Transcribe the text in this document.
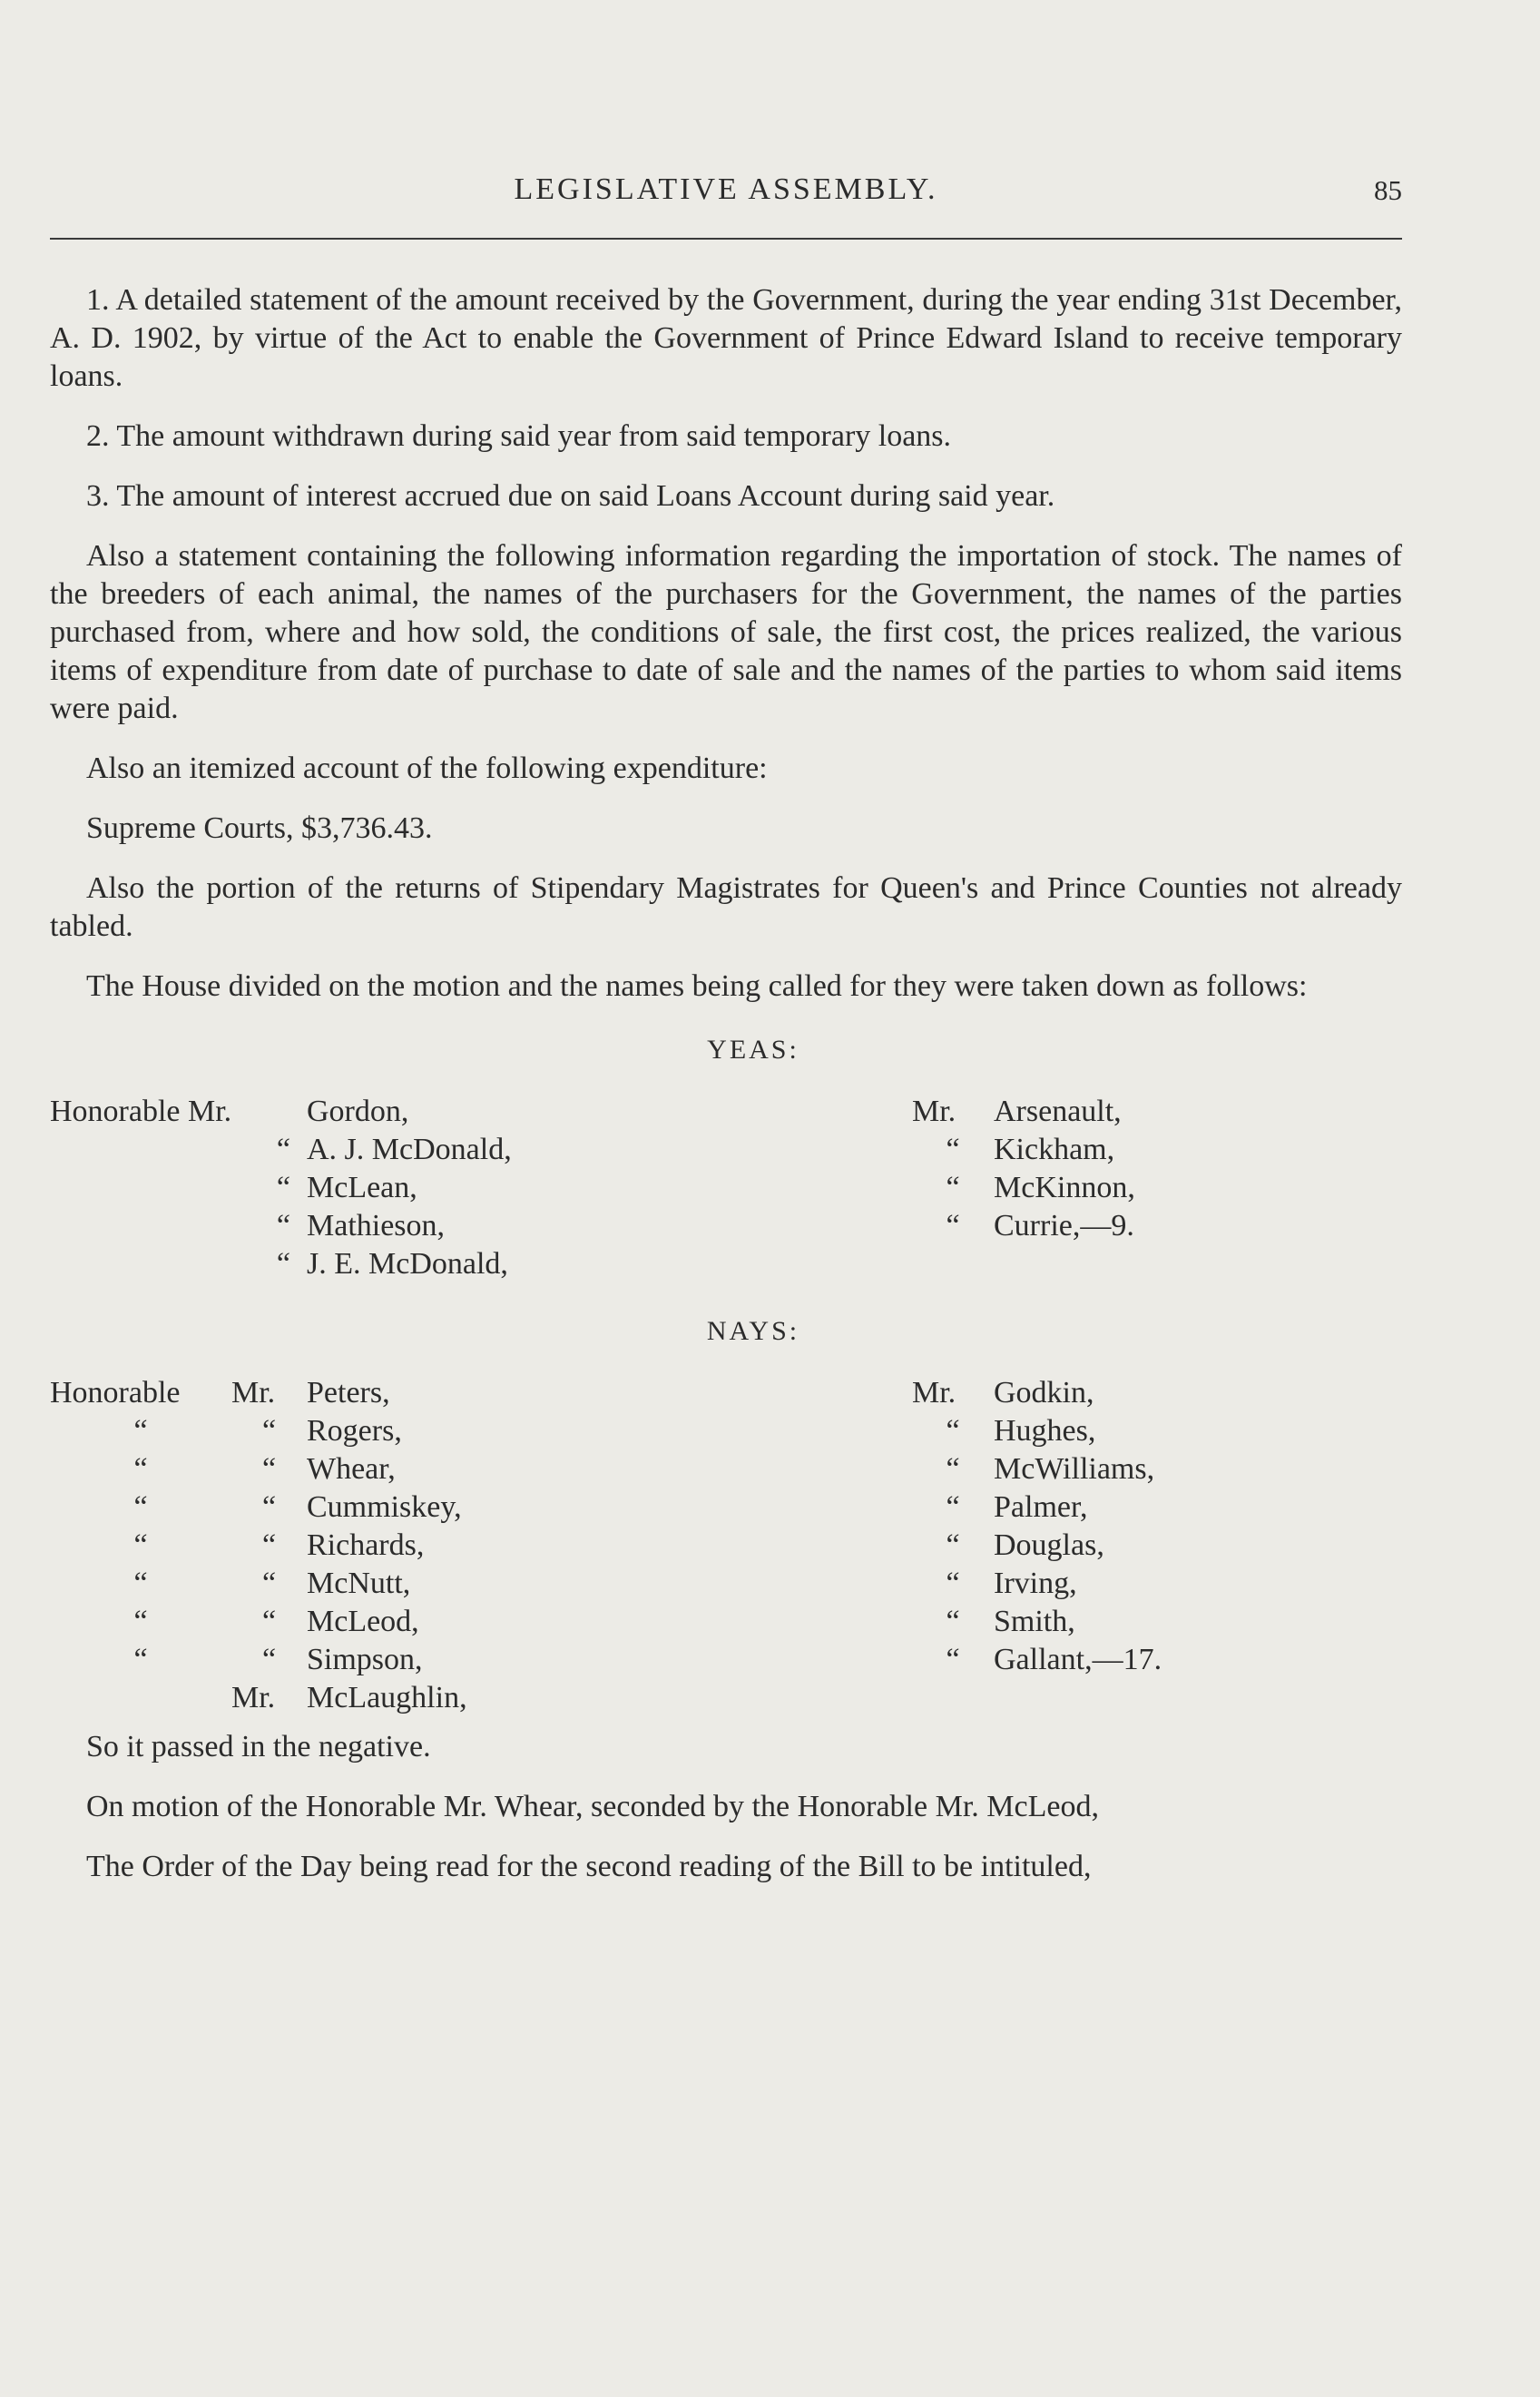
LEGISLATIVE ASSEMBLY.	85

1. A detailed statement of the amount received by the Government, during the year ending 31st December, A. D. 1902, by virtue of the Act to enable the Government of Prince Edward Island to receive temporary loans.

2. The amount withdrawn during said year from said temporary loans.

3. The amount of interest accrued due on said Loans Account during said year.

Also a statement containing the following information regarding the importation of stock. The names of the breeders of each animal, the names of the purchasers for the Government, the names of the parties purchased from, where and how sold, the conditions of sale, the first cost, the prices realized, the various items of expenditure from date of purchase to date of sale and the names of the parties to whom said items were paid.

Also an itemized account of the following expenditure:

Supreme Courts, $3,736.43.

Also the portion of the returns of Stipendary Magistrates for Queen's and Prince Counties not already tabled.

The House divided on the motion and the names being called for they were taken down as follows:

YEAS:
Honorable Mr. Gordon,
“ A. J. McDonald,
“ McLean,
“ Mathieson,
“ J. E. McDonald,
Mr. Arsenault,
“ Kickham,
“ McKinnon,
“ Currie,—9.
NAYS:
Honorable Mr. Peters,
“	“ Rogers,
“	“ Whear,
“	“ Cummiskey,
“	“ Richards,
“	“ McNutt,
“	“ McLeod,
“	“ Simpson,
Mr. McLaughlin,
Mr. Godkin,
“ Hughes,
“ McWilliams,
“ Palmer,
“ Douglas,
“ Irving,
“ Smith,
“ Gallant,—17.

So it passed in the negative.

On motion of the Honorable Mr. Whear, seconded by the Honorable Mr. McLeod,

The Order of the Day being read for the second reading of the Bill to be intituled,
